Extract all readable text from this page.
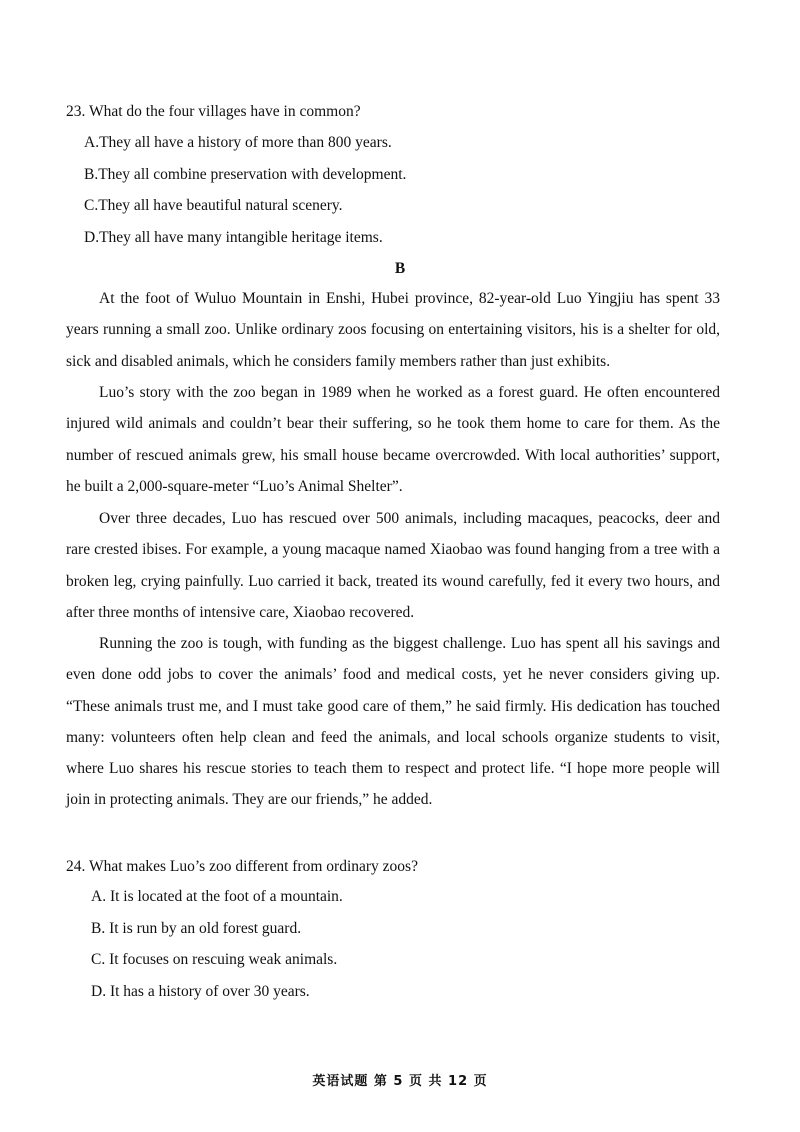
23. What do the four villages have in common?
A.They all have a history of more than 800 years.
B.They all combine preservation with development.
C.They all have beautiful natural scenery.
D.They all have many intangible heritage items.
B

At the foot of Wuluo Mountain in Enshi, Hubei province, 82-year-old Luo Yingjiu has spent 33 years running a small zoo. Unlike ordinary zoos focusing on entertaining visitors, his is a shelter for old, sick and disabled animals, which he considers family members rather than just exhibits.

Luo’s story with the zoo began in 1989 when he worked as a forest guard. He often encountered injured wild animals and couldn’t bear their suffering, so he took them home to care for them. As the number of rescued animals grew, his small house became overcrowded. With local authorities’ support, he built a 2,000-square-meter “Luo’s Animal Shelter”.

Over three decades, Luo has rescued over 500 animals, including macaques, peacocks, deer and rare crested ibises. For example, a young macaque named Xiaobao was found hanging from a tree with a broken leg, crying painfully. Luo carried it back, treated its wound carefully, fed it every two hours, and after three months of intensive care, Xiaobao recovered.

Running the zoo is tough, with funding as the biggest challenge. Luo has spent all his savings and even done odd jobs to cover the animals’ food and medical costs, yet he never considers giving up. “These animals trust me, and I must take good care of them,” he said firmly. His dedication has touched many: volunteers often help clean and feed the animals, and local schools organize students to visit, where Luo shares his rescue stories to teach them to respect and protect life. “I hope more people will join in protecting animals. They are our friends,” he added.

24. What makes Luo’s zoo different from ordinary zoos?
A. It is located at the foot of a mountain.
B. It is run by an old forest guard.
C. It focuses on rescuing weak animals.
D. It has a history of over 30 years.
英语试题 第 5 页 共 12 页
